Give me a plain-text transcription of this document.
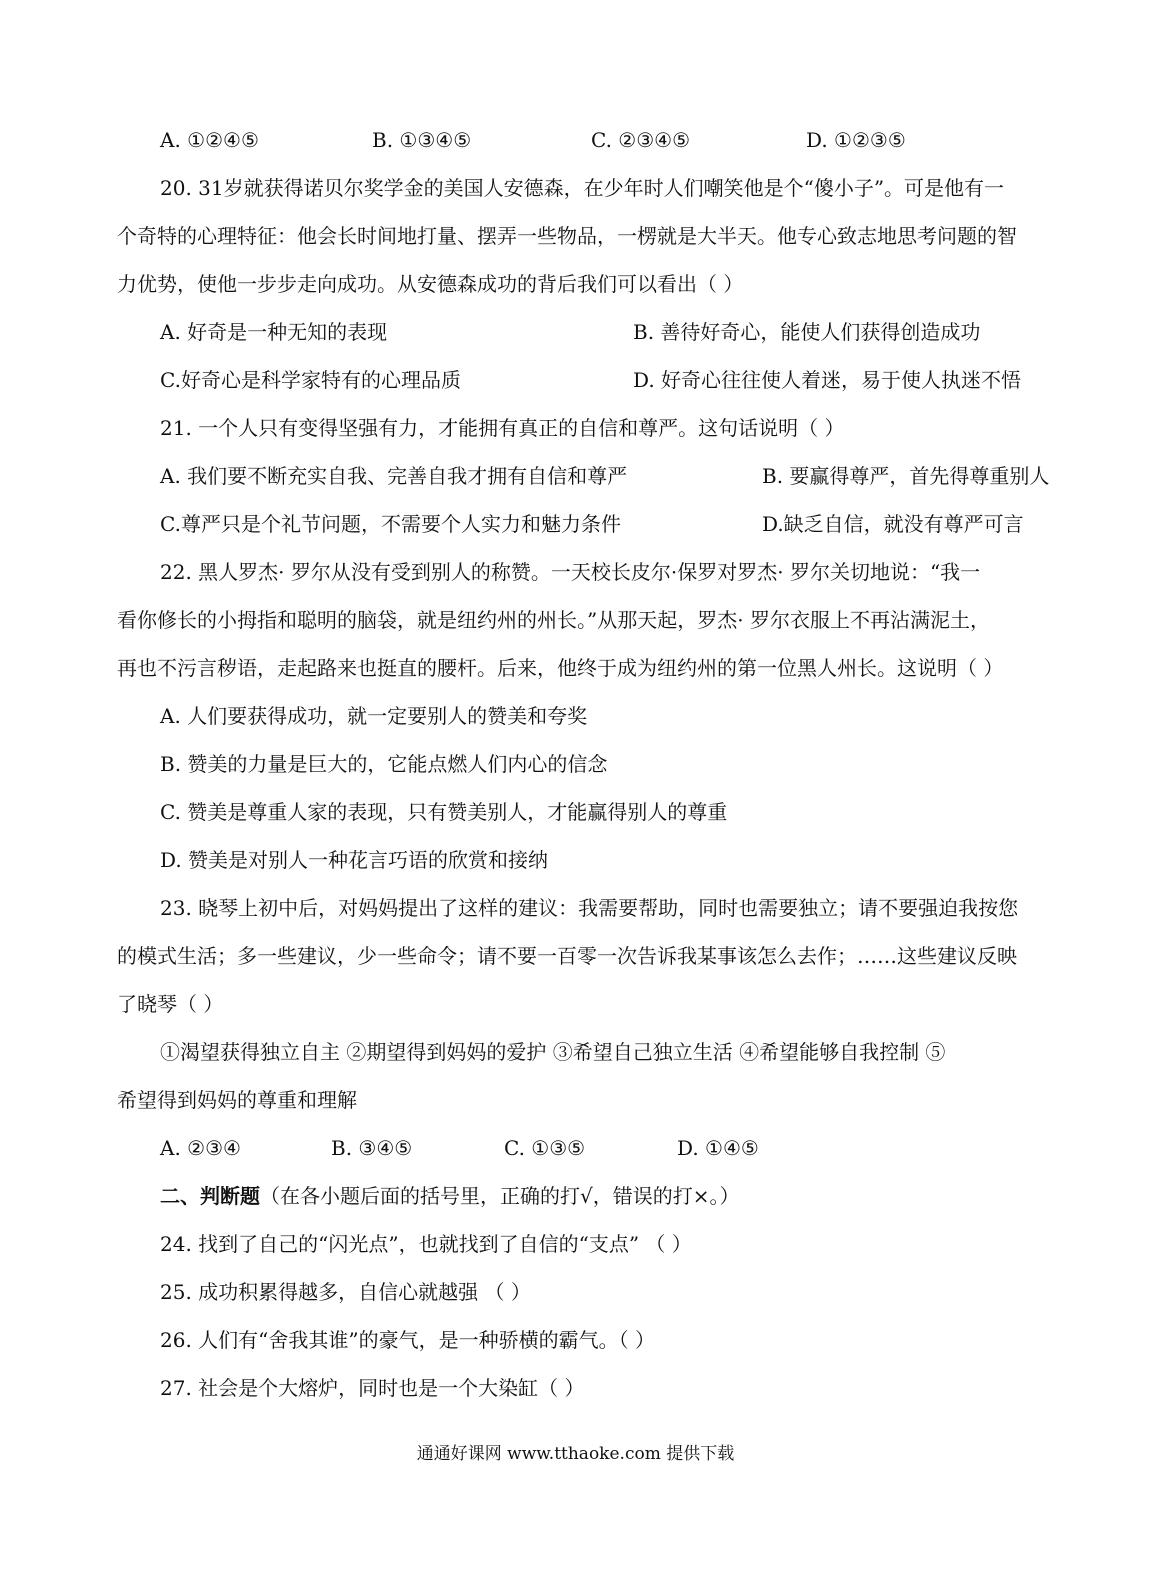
A. ①②④⑤	B. ①③④⑤	C. ②③④⑤	D. ①②③⑤
20. 31岁就获得诺贝尔奖学金的美国人安德森，在少年时人们嘲笑他是个“傻小子”。可是他有一
个奇特的心理特征：他会长时间地打量、摆弄一些物品，一楞就是大半天。他专心致志地思考问题的智
力优势，使他一步步走向成功。从安德森成功的背后我们可以看出（ ）
A. 好奇是一种无知的表现	B. 善待好奇心，能使人们获得创造成功
C.好奇心是科学家特有的心理品质	D. 好奇心往往使人着迷，易于使人执迷不悟
21. 一个人只有变得坚强有力，才能拥有真正的自信和尊严。这句话说明（ ）
A. 我们要不断充实自我、完善自我才拥有自信和尊严	B. 要赢得尊严，首先得尊重别人
C.尊严只是个礼节问题，不需要个人实力和魅力条件	D.缺乏自信，就没有尊严可言
22. 黑人罗杰· 罗尔从没有受到别人的称赞。一天校长皮尔·保罗对罗杰· 罗尔关切地说：“我一
看你修长的小拇指和聪明的脑袋，就是纽约州的州长。”从那天起，罗杰· 罗尔衣服上不再沾满泥土，
再也不污言秽语，走起路来也挺直的腰杆。后来，他终于成为纽约州的第一位黑人州长。这说明（ ）
A. 人们要获得成功，就一定要别人的赞美和夸奖
B. 赞美的力量是巨大的，它能点燃人们内心的信念
C. 赞美是尊重人家的表现，只有赞美别人，才能赢得别人的尊重
D. 赞美是对别人一种花言巧语的欣赏和接纳
23. 晓琴上初中后，对妈妈提出了这样的建议：我需要帮助，同时也需要独立；请不要强迫我按您
的模式生活；多一些建议，少一些命令；请不要一百零一次告诉我某事该怎么去作；……这些建议反映
了晓琴（ ）
①渴望获得独立自主 ②期望得到妈妈的爱护 ③希望自己独立生活 ④希望能够自我控制 ⑤
希望得到妈妈的尊重和理解
A. ②③④	B. ③④⑤	C. ①③⑤	D. ①④⑤
二、判断题（在各小题后面的括号里，正确的打√，错误的打×。）
24. 找到了自己的“闪光点”，也就找到了自信的“支点” （ ）
25. 成功积累得越多，自信心就越强 （ ）
26. 人们有“舍我其谁”的豪气，是一种骄横的霸气。（ ）
27. 社会是个大熔炉，同时也是一个大染缸（ ）
通通好课网 www.tthaoke.com 提供下载
